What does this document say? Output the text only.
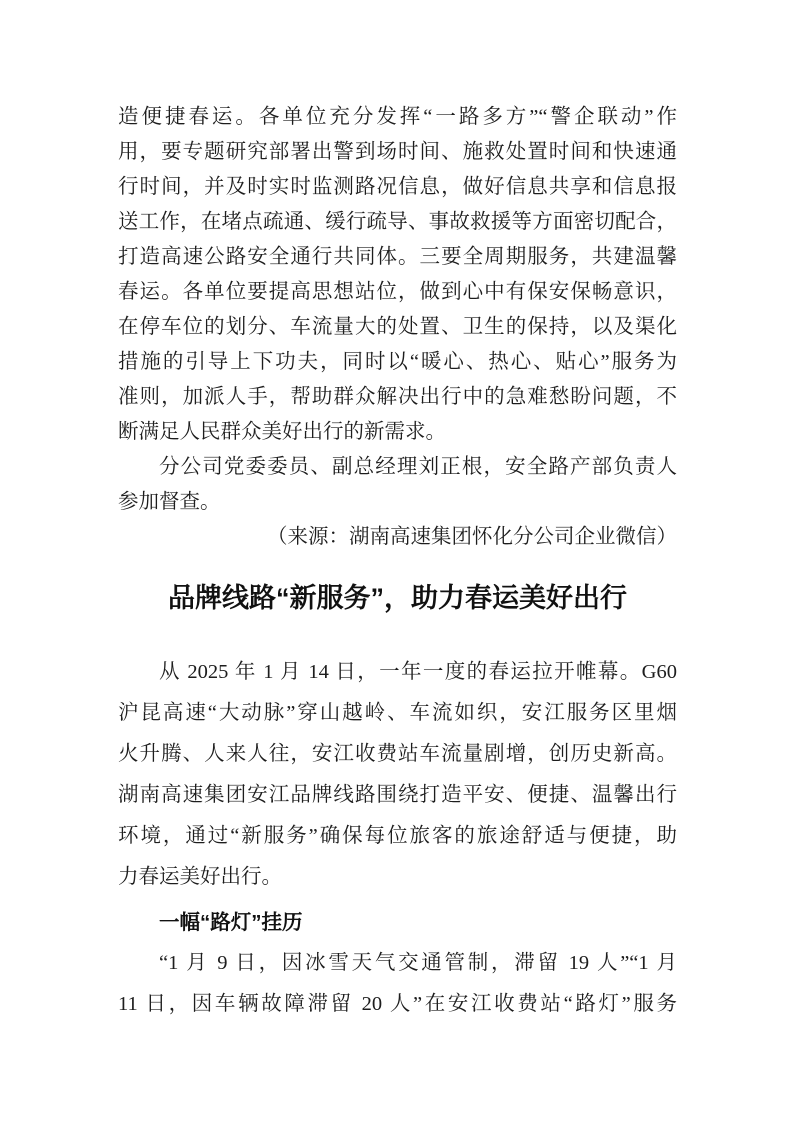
造便捷春运。各单位充分发挥“一路多方”“警企联动”作
用，要专题研究部署出警到场时间、施救处置时间和快速通
行时间，并及时实时监测路况信息，做好信息共享和信息报
送工作，在堵点疏通、缓行疏导、事故救援等方面密切配合，
打造高速公路安全通行共同体。三要全周期服务，共建温馨
春运。各单位要提高思想站位，做到心中有保安保畅意识，
在停车位的划分、车流量大的处置、卫生的保持，以及渠化
措施的引导上下功夫，同时以“暖心、热心、贴心”服务为
准则，加派人手，帮助群众解决出行中的急难愁盼问题，不
断满足人民群众美好出行的新需求。
分公司党委委员、副总经理刘正根，安全路产部负责人
参加督查。
（来源：湖南高速集团怀化分公司企业微信）
品牌线路“新服务”，助力春运美好出行
从 2025 年 1 月 14 日，一年一度的春运拉开帷幕。G60
沪昆高速“大动脉”穿山越岭、车流如织，安江服务区里烟
火升腾、人来人往，安江收费站车流量剧增，创历史新高。
湖南高速集团安江品牌线路围绕打造平安、便捷、温馨出行
环境，通过“新服务”确保每位旅客的旅途舒适与便捷，助
力春运美好出行。
一幅“路灯”挂历
“1 月 9 日，因冰雪天气交通管制，滞留 19 人”“1 月
11 日，因车辆故障滞留 20 人”在安江收费站“路灯”服务
